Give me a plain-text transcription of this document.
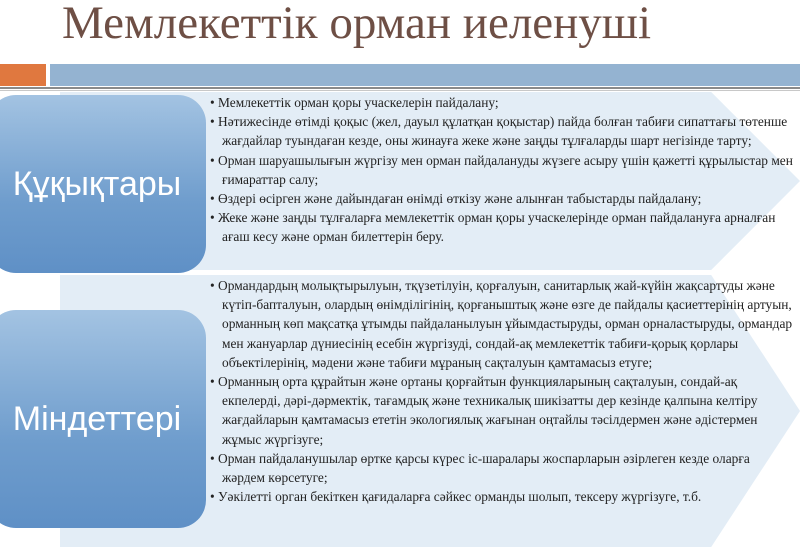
Мемлекеттік орман иеленуші
Құқықтары
• Мемлекеттік орман қоры учаскелерін пайдалану;
• Нәтижесінде өтімді қоқыс (жел, дауыл құлатқан қоқыстар) пайда болған табиғи сипаттағы төтенше жағдайлар туындаған кезде, оны жинауға жеке және заңды тұлғаларды шарт негізінде тарту;
• Орман шаруашылығын жүргізу мен орман пайдалануды жүзеге асыру үшін қажетті құрылыстар мен ғимараттар салу;
• Өздері өсірген және дайындаған өнімді өткізу және алынған табыстарды пайдалану;
• Жеке және заңды тұлғаларға мемлекеттік орман қоры учаскелерінде орман пайдалануға арналған ағаш кесу және орман билеттерін беру.
Міндеттері
• Ормандардың молықтырылуын, тқүзетілуін, қорғалуын, санитарлық жай-күйін жақсартуды және күтіп-бапталуын, олардың өнімділігінің, қорғаныштық және өзге де пайдалы қасиеттерінің артуын, орманның көп мақсатқа ұтымды пайдаланылуын ұйымдастыруды, орман орналастыруды, ормандар мен жануарлар дүниесінің есебін жүргізуді, сондай-ақ мемлекеттік табиғи-қорық қорлары объектілерінің, мәдени және табиғи мұраның сақталуын қамтамасыз етуге;
• Орманның орта құрайтын және ортаны қорғайтын функцияларының сақталуын, сондай-ақ екпелерді, дәрі-дәрмектік, тағамдық және техникалық шикізатты дер кезінде қалпына келтіру жағдайларын қамтамасыз ететін экологиялық жағынан оңтайлы тәсілдермен және әдістермен жұмыс жүргізуге;
• Орман пайдаланушылар өртке қарсы күрес іс-шаралары жоспарларын әзірлеген кезде оларға жәрдем көрсетуге;
• Уәкілетті орган бекіткен қағидаларға сәйкес орманды шолып, тексеру жүргізуге, т.б.
